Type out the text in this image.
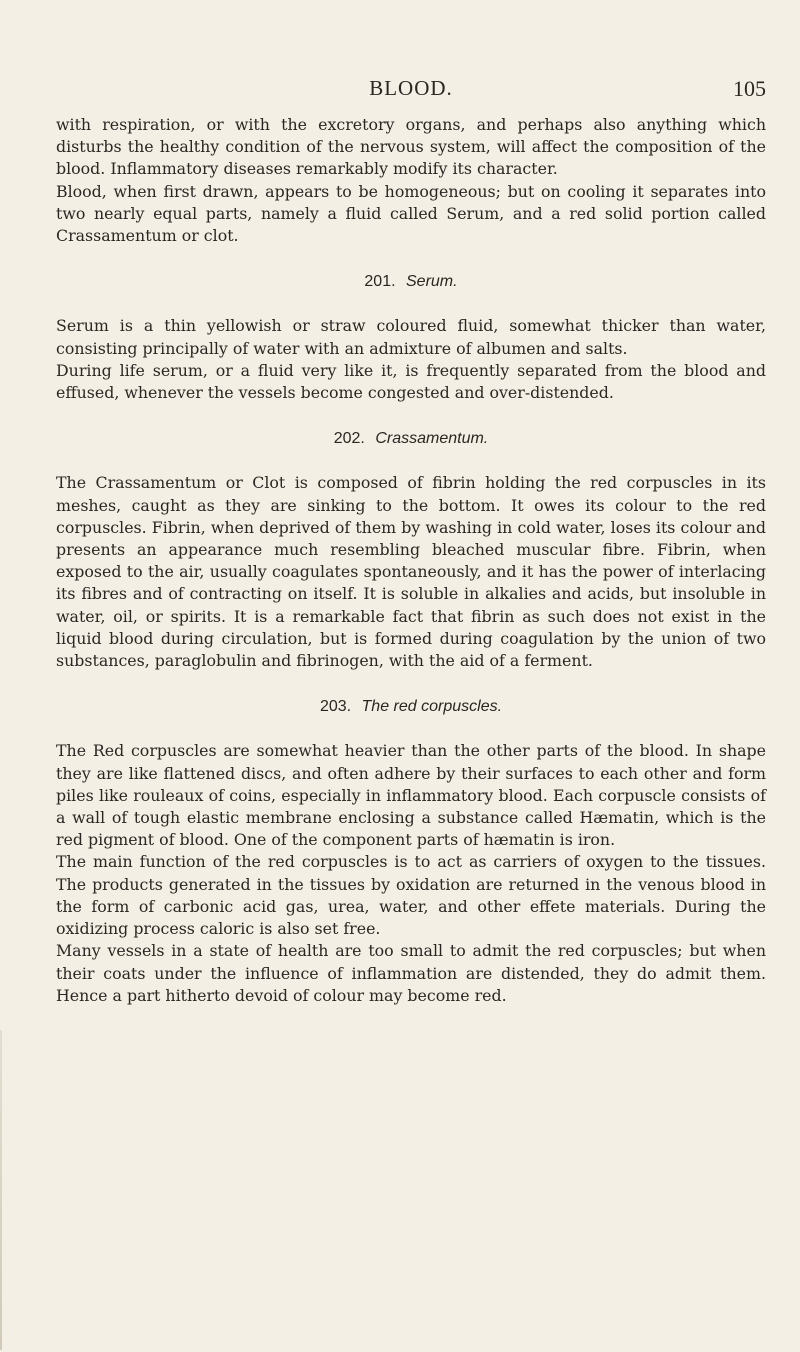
BLOOD.	105

with respiration, or with the excretory organs, and perhaps also anything which disturbs the healthy condition of the nervous system, will affect the composition of the blood. Inflammatory diseases remarkably modify its character.

Blood, when first drawn, appears to be homogeneous; but on cooling it separates into two nearly equal parts, namely a fluid called Serum, and a red solid portion called Crassamentum or clot.

201. Serum.

Serum is a thin yellowish or straw coloured fluid, somewhat thicker than water, consisting principally of water with an admixture of albumen and salts.

During life serum, or a fluid very like it, is frequently separated from the blood and effused, whenever the vessels become congested and over-distended.

202. Crassamentum.

The Crassamentum or Clot is composed of fibrin holding the red corpuscles in its meshes, caught as they are sinking to the bottom. It owes its colour to the red corpuscles. Fibrin, when deprived of them by washing in cold water, loses its colour and presents an appearance much resembling bleached muscular fibre. Fibrin, when exposed to the air, usually coagulates spontaneously, and it has the power of interlacing its fibres and of contracting on itself. It is soluble in alkalies and acids, but insoluble in water, oil, or spirits. It is a remarkable fact that fibrin as such does not exist in the liquid blood during circulation, but is formed during coagulation by the union of two substances, paraglobulin and fibrinogen, with the aid of a ferment.

203. The red corpuscles.

The Red corpuscles are somewhat heavier than the other parts of the blood. In shape they are like flattened discs, and often adhere by their surfaces to each other and form piles like rouleaux of coins, especially in inflammatory blood. Each corpuscle consists of a wall of tough elastic membrane enclosing a substance called Hæmatin, which is the red pigment of blood. One of the component parts of hæmatin is iron.

The main function of the red corpuscles is to act as carriers of oxygen to the tissues. The products generated in the tissues by oxidation are returned in the venous blood in the form of carbonic acid gas, urea, water, and other effete materials. During the oxidizing process caloric is also set free.

Many vessels in a state of health are too small to admit the red corpuscles; but when their coats under the influence of inflammation are distended, they do admit them. Hence a part hitherto devoid of colour may become red.
